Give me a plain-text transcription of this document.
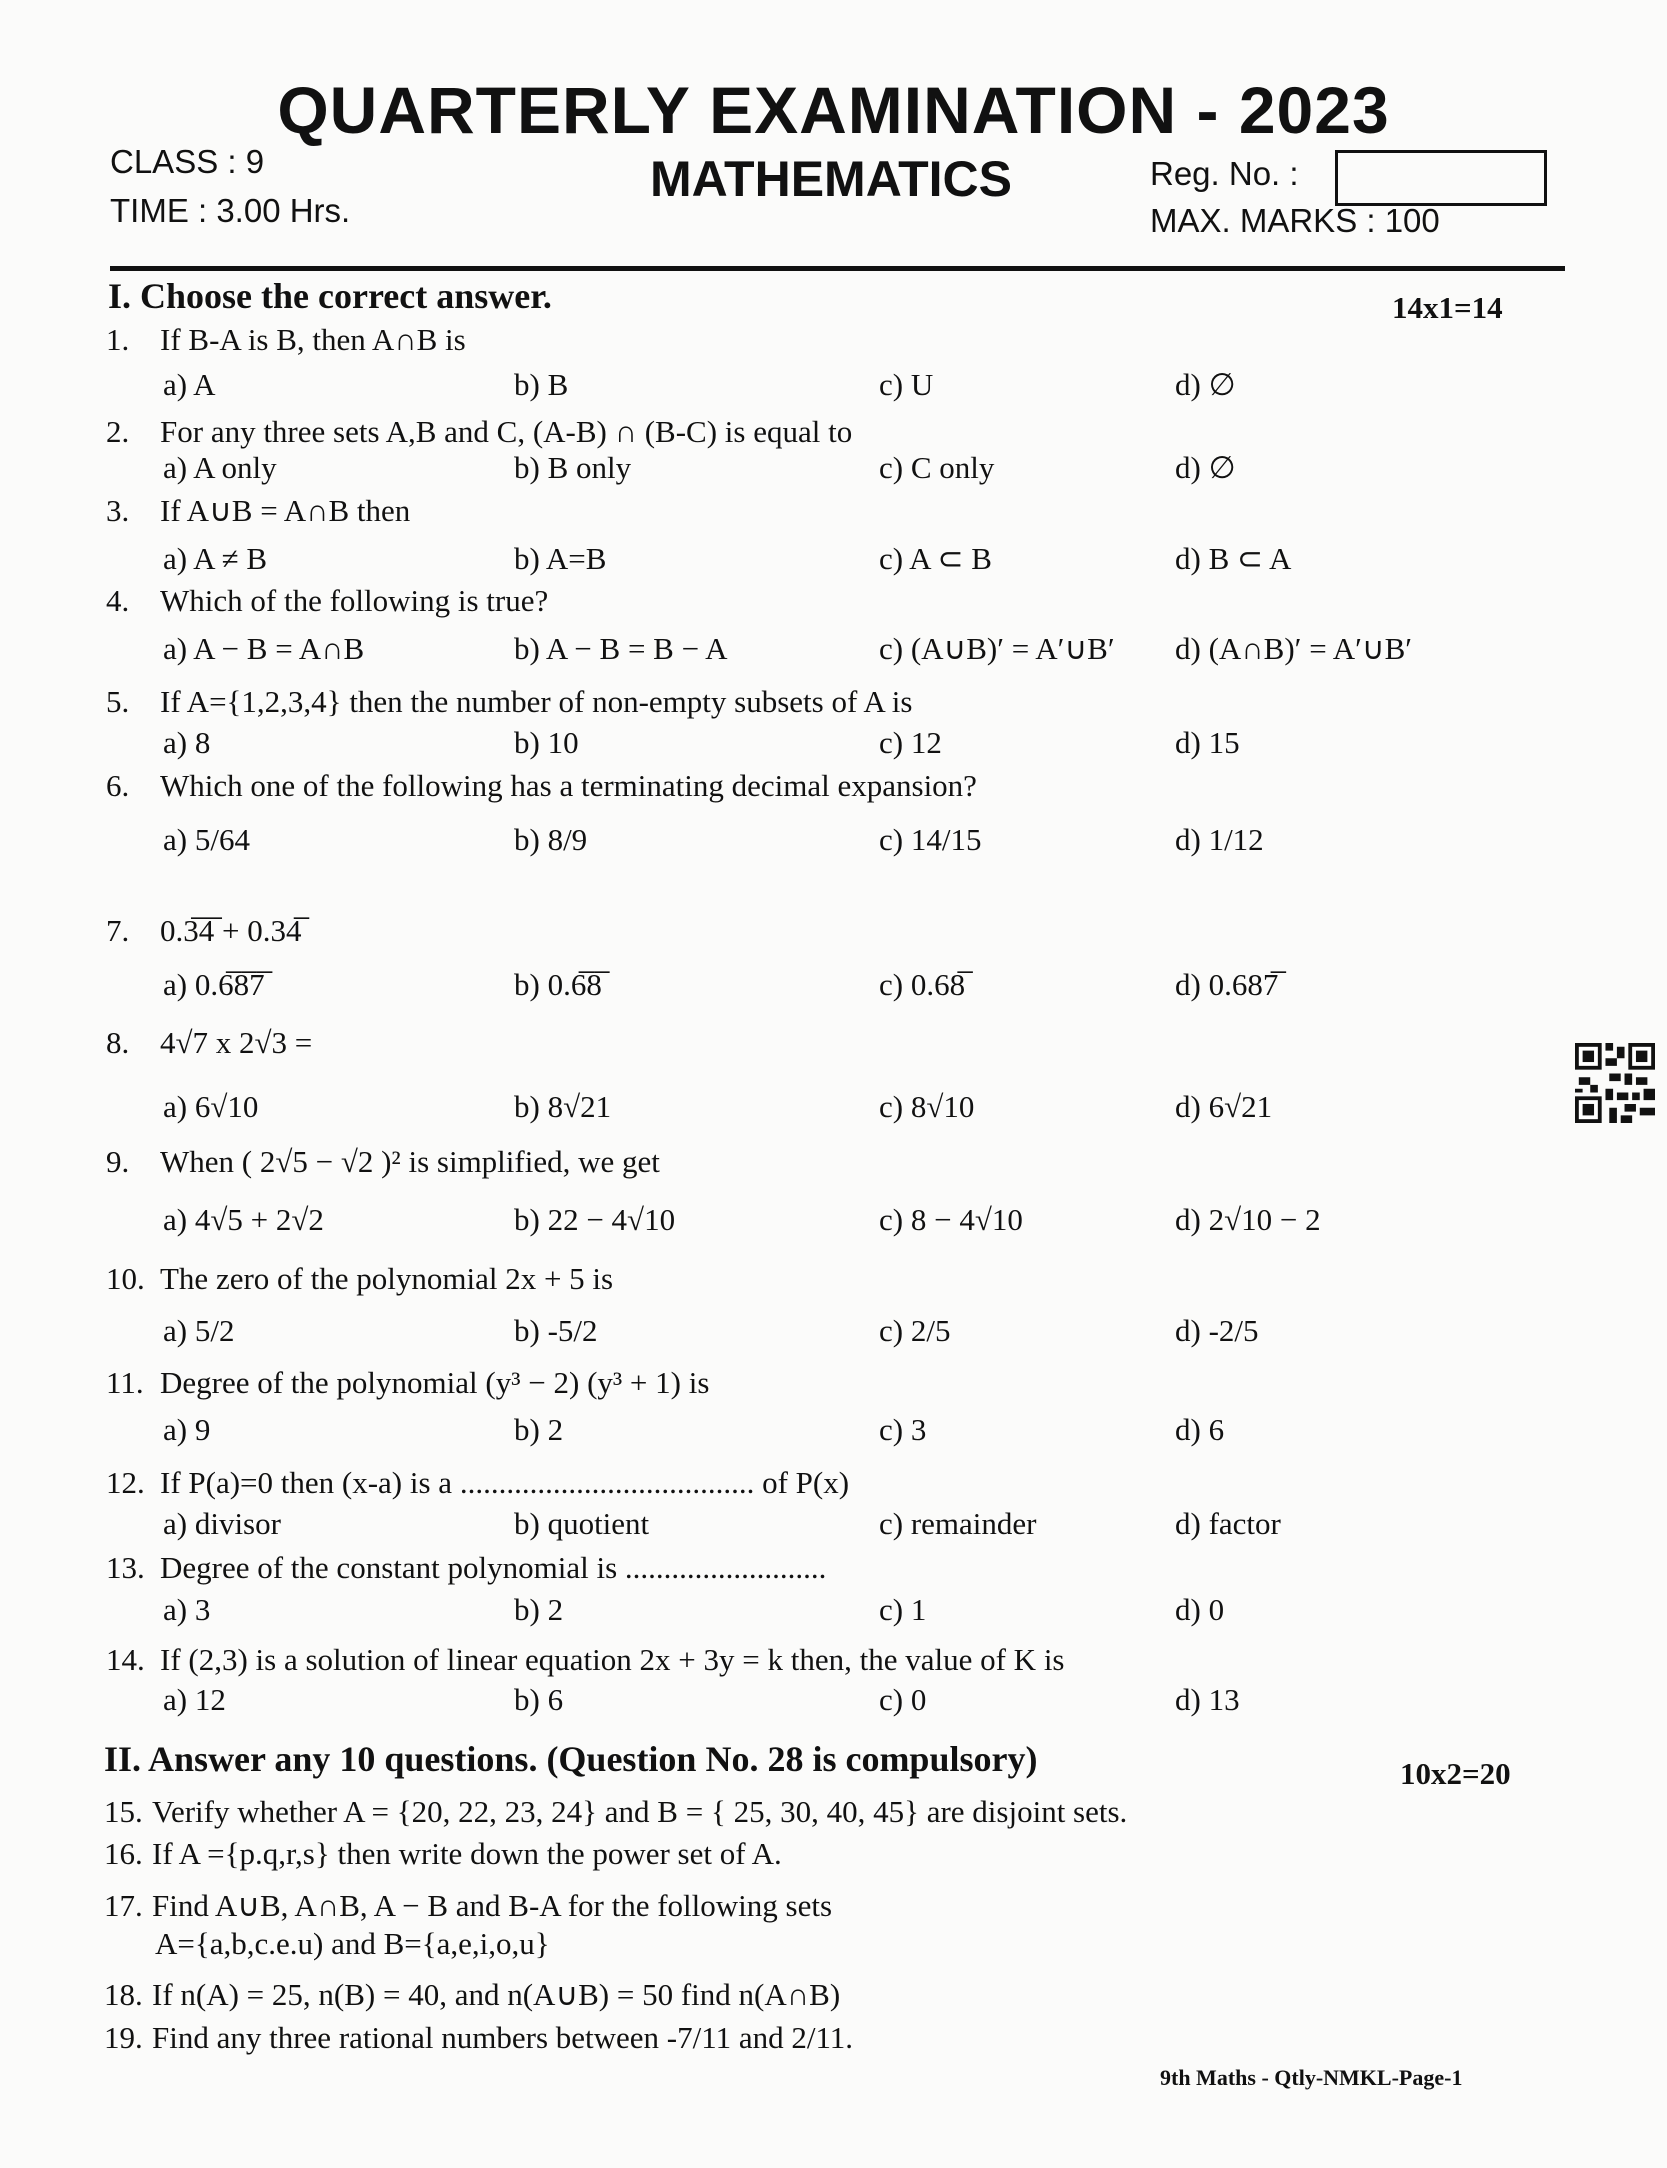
QUARTERLY EXAMINATION - 2023
CLASS : 9
TIME : 3.00 Hrs.
MATHEMATICS	Reg. No. :
MAX. MARKS : 100
I. Choose the correct answer.	14x1=14
1. If B-A is B, then A∩B is
a) A	b) B	c) U	d) ∅
2. For any three sets A,B and C, (A-B) ∩ (B-C) is equal to
a) A only	b) B only	c) C only	d) ∅
3. If A∪B = A∩B then
a) A ≠ B	b) A=B	c) A ⊂ B	d) B ⊂ A
4. Which of the following is true?
a) A − B = A∩B	b) A − B = B − A	c) (A∪B)′ = A′∪B′ d) (A∩B)′ = A′∪B′
5. If A={1,2,3,4} then the number of non-empty subsets of A is
a) 8	b) 10	c) 12	d) 15
6. Which one of the following has a terminating decimal expansion?
a) 5/64	b) 8/9	c) 14/15	d) 1/12
7. 0.3̅4̅ + 0.34̅
a) 0.6̅8̅7̅	b) 0.6̅8̅	c) 0.68̅	d) 0.687̅
8. 4√7 x 2√3 =
a) 6√10	b) 8√21	c) 8√10	d) 6√21
9. When ( 2√5 − √2 )² is simplified, we get
a) 4√5 + 2√2	b) 22 − 4√10	c) 8 − 4√10	d) 2√10 − 2
10. The zero of the polynomial 2x + 5 is
a) 5/2	b) -5/2	c) 2/5	d) -2/5
11. Degree of the polynomial (y³ − 2) (y³ + 1) is
a) 9	b) 2	c) 3	d) 6
12. If P(a)=0 then (x-a) is a ...................................... of P(x)
a) divisor	b) quotient	c) remainder	d) factor
13. Degree of the constant polynomial is ..........................
a) 3	b) 2	c) 1	d) 0
14. If (2,3) is a solution of linear equation 2x + 3y = k then, the value of K is
a) 12	b) 6	c) 0	d) 13
II. Answer any 10 questions. (Question No. 28 is compulsory)	10x2=20
15. Verify whether A = {20, 22, 23, 24} and B = { 25, 30, 40, 45} are disjoint sets.
16. If A ={p.q,r,s} then write down the power set of A.
17. Find A∪B, A∩B, A − B and B-A for the following sets
A={a,b,c.e.u) and B={a,e,i,o,u}
18. If n(A) = 25, n(B) = 40, and n(A∪B) = 50 find n(A∩B)
19. Find any three rational numbers between -7/11 and 2/11.
9th Maths - Qtly-NMKL-Page-1
